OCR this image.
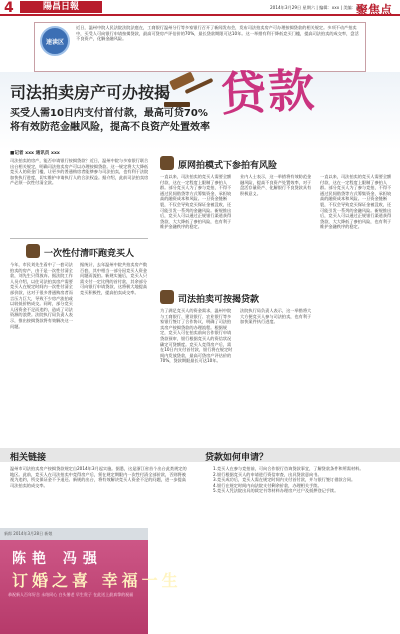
4	陽昌日報	2014年3月29日 星期六 | 编辑：xxx | 美编：xxx
聚焦点
速读区
近日，温州中院人民法院法院法庭在，工商银行温州分行等多家银行召开了新闻发布会，发布司法拍卖房产可办理按揭贷款的相关规定。多项不动产拍卖中，买受人可向银行申请按揭贷款，最高可贷房产评估价的70%，最长贷款期限可达10年。这一举措有利于降低竞买门槛，提高司法拍卖的成交率，盘活不良资产，化解金融风险。
贷款
司法拍卖房产可办按揭
买受人需10日内支付首付款，最高可贷70%
将有效防范金融风险，提高不良资产处置效率
■记者 xxx 通讯员 xxx
司法拍卖的房产，能否申请银行按揭贷款？近日，温州中院与多家银行联合出台相关规定，明确司法拍卖房产可以办理按揭贷款。这一规定将大大降低竞买人的资金门槛，让更多的普通购房者能够参与司法拍卖，也有利于法院加快执行进度，切实维护申请执行人的合法权益。据介绍，此前司法拍卖房产必须一次性付清全款。
一次性付清吓跑竞买人
今年，市民刘先生看中了一套司法拍卖的房产，由于是一次性付清全款，刘先生只得放弃。据法院工作人员介绍，以往司法拍卖房产需要竞买人在规定时间内一次性付清全部价款，这对于很多普通购房者而言压力巨大，导致不少房产流拍或以较低价格成交。同时，部分竞买人因资金不足而违约，造成了司法资源的浪费。法院执行局负责人表示，推出按揭贷款将有效解决这一问题。
据统计，去年温州中院共拍卖房产数百套，其中相当一部分因竞买人资金问题而流拍。新规实施后，竞买人只需支付一定比例的首付款，其余部分可向银行申请贷款，这将极大地提高竞买积极性，提高拍卖成交率。
原网拍模式下参拍有风险
一直以来，司法拍卖的竞买人需要全额付款，这在一定程度上限制了参拍人群。部分竞买人为了参与竞拍，不得不通过民间借贷等方式筹集资金，承担较高的融资成本和风险。一旦资金链断裂，不仅会导致竞买保证金被没收，还可能引发一系列的金融风险。新规推出后，竞买人可以通过正规银行渠道获得贷款，大大降低了参拍风险，也有利于维护金融秩序的稳定。
业内人士表示，这一举措将有效防范金融风险，提高不良资产处置效率，对于盘活存量资产、化解银行不良贷款具有积极意义。
司法拍卖可按揭贷款
为了满足竞买人的资金需求，温州中院与工商银行、建设银行、农业银行等多家银行签订了合作协议，明确了司法拍卖房产按揭贷款的办理流程。根据规定，竞买人可在拍卖前向合作银行申请贷款预审，银行根据竞买人的资信状况确定可贷额度。竞买人竞得房产后，需在10日内支付首付款，银行将在规定时间内发放贷款，最高可贷房产评估价的70%，贷款期限最长可达10年。
法院执行局负责人表示，这一举措将大大方便竞买人参与司法拍卖，也有利于加快案件执行进度。
一直以来，司法拍卖的竞买人需要全额付款，这在一定程度上限制了参拍人群。部分竞买人为了参与竞拍，不得不通过民间借贷等方式筹集资金，承担较高的融资成本和风险。一旦资金链断裂，不仅会导致竞买保证金被没收，还可能引发一系列的金融风险。新规推出后，竞买人可以通过正规银行渠道获得贷款，大大降低了参拍风险，也有利于维护金融秩序的稳定。
相关链接
温州市司法拍卖房产按揭贷款规定自2014年3月起实施。据悉，这是浙江省首个出台此类规定的地区。此前，竞买人在司法拍卖中竞得房产后，须在规定期限内一次性付清全部价款，否则将被视为违约，所交保证金不予退还。新规的出台，将有效解决竞买人资金不足的问题，进一步提高司法拍卖的成交率。
贷款如何申请？

1.竞买人在参与竞拍前，可向合作银行咨询贷款事宜，了解贷款条件和所需材料。

2.银行根据竞买人的申请进行资信审查，出具贷款意向书。

3.竞买成功后，竞买人需在规定时间内支付首付款，并与银行签订借款合同。

4.银行在规定时间内向法院支付剩余价款，办理相关手续。

5.竞买人凭法院出具的裁定书等材料办理房产过户及抵押登记手续。

新郎 2014年3月28日 新娘
陈艳 冯强
订婚之喜 幸福一生
恭祝新人百年好合 永结同心 白头偕老 早生贵子 在此送上最真挚的祝福
